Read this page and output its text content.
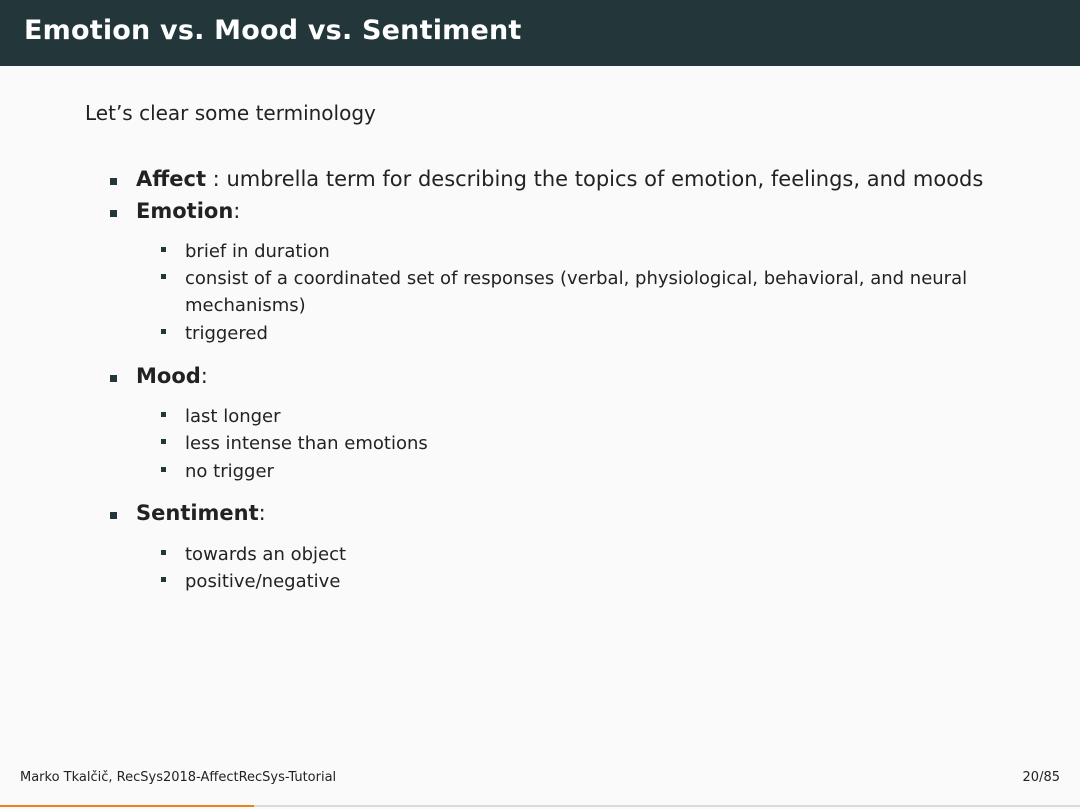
Emotion vs. Mood vs. Sentiment
Let’s clear some terminology
Affect : umbrella term for describing the topics of emotion, feelings, and moods
Emotion:
brief in duration
consist of a coordinated set of responses (verbal, physiological, behavioral, and neural
mechanisms)
triggered
Mood:
last longer
less intense than emotions
no trigger
Sentiment:
towards an object
positive/negative
Marko Tkalčič, RecSys2018-AffectRecSys-Tutorial	20/85
